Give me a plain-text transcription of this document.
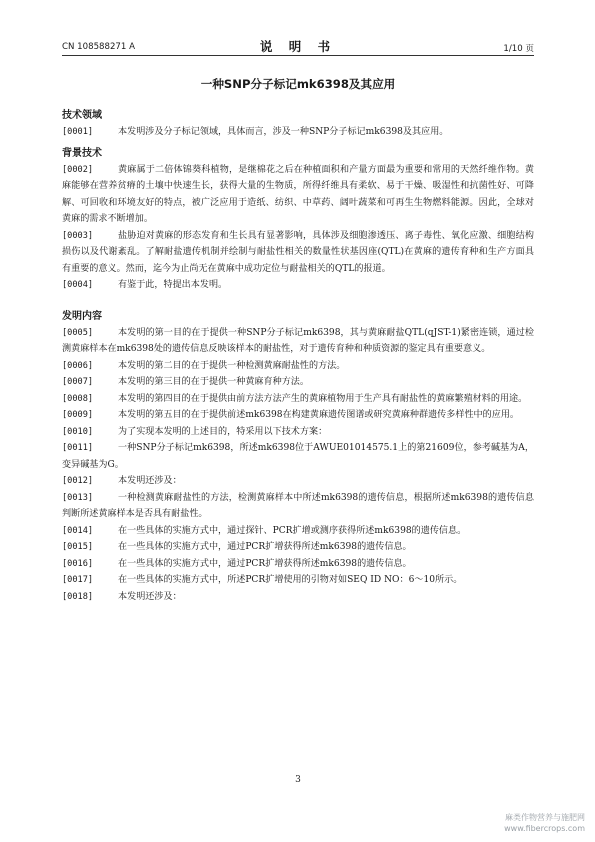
CN 108588271 A	说 明 书	1/10 页
一种SNP分子标记mk6398及其应用
技术领域
[0001]	本发明涉及分子标记领域，具体而言，涉及一种SNP分子标记mk6398及其应用。
背景技术
[0002]	黄麻属于二倍体锦葵科植物，是继棉花之后在种植面积和产量方面最为重要和常用的天然纤维作物。黄麻能够在营养贫瘠的土壤中快速生长，获得大量的生物质，所得纤维具有柔软、易于干燥、吸湿性和抗菌性好、可降解、可回收和环境友好的特点，被广泛应用于造纸、纺织、中草药、阔叶蔬菜和可再生生物燃料能源。因此，全球对黄麻的需求不断增加。
[0003]	盐胁迫对黄麻的形态发育和生长具有显著影响，具体涉及细胞渗透压、离子毒性、氧化应激、细胞结构损伤以及代谢紊乱。了解耐盐遗传机制并绘制与耐盐性相关的数量性状基因座(QTL)在黄麻的遗传育种和生产方面具有重要的意义。然而，迄今为止尚无在黄麻中成功定位与耐盐相关的QTL的报道。
[0004]	有鉴于此，特提出本发明。
发明内容
[0005]	本发明的第一目的在于提供一种SNP分子标记mk6398，其与黄麻耐盐QTL(qJST-1)紧密连锁，通过检测黄麻样本在mk6398处的遗传信息反映该样本的耐盐性，对于遗传育种和种质资源的鉴定具有重要意义。
[0006]	本发明的第二目的在于提供一种检测黄麻耐盐性的方法。
[0007]	本发明的第三目的在于提供一种黄麻育种方法。
[0008]	本发明的第四目的在于提供由前方法方法产生的黄麻植物用于生产具有耐盐性的黄麻繁殖材料的用途。
[0009]	本发明的第五目的在于提供前述mk6398在构建黄麻遗传图谱或研究黄麻种群遗传多样性中的应用。
[0010]	为了实现本发明的上述目的，特采用以下技术方案：
[0011]	一种SNP分子标记mk6398，所述mk6398位于AWUE01014575.1上的第21609位，参考碱基为A，变异碱基为G。
[0012]	本发明还涉及：
[0013]	一种检测黄麻耐盐性的方法，检测黄麻样本中所述mk6398的遗传信息，根据所述mk6398的遗传信息判断所述黄麻样本是否具有耐盐性。
[0014]	在一些具体的实施方式中，通过探针、PCR扩增或测序获得所述mk6398的遗传信息。
[0015]	在一些具体的实施方式中，通过PCR扩增获得所述mk6398的遗传信息。
[0016]	在一些具体的实施方式中，通过PCR扩增获得所述mk6398的遗传信息。
[0017]	在一些具体的实施方式中，所述PCR扩增使用的引物对如SEQ ID NO：6～10所示。
[0018]	本发明还涉及：
3
麻类作物营养与施肥网
www.fibercrops.com
